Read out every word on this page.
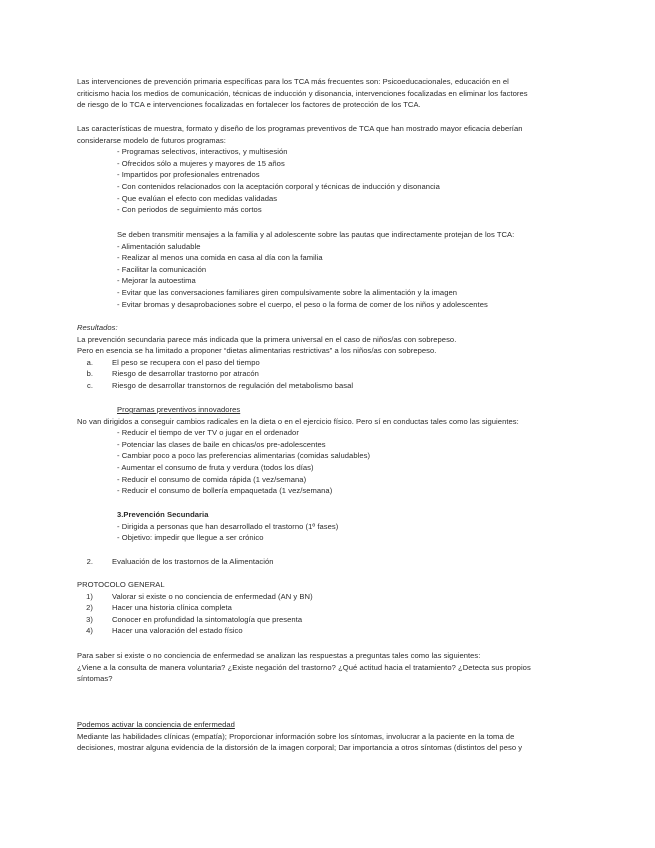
Las intervenciones de prevención primaria específicas para los TCA más frecuentes son: Psicoeducacionales, educación en el
criticismo hacia los medios de comunicación, técnicas de inducción y disonancia, intervenciones focalizadas en eliminar los factores
de riesgo de lo TCA e intervenciones focalizadas en fortalecer los factores de protección de los TCA.
Las características de muestra, formato y diseño de los programas preventivos de TCA que han mostrado mayor eficacia deberían
considerarse modelo de futuros programas:
- Programas selectivos, interactivos, y multisesión
- Ofrecidos sólo a mujeres y mayores de 15 años
- Impartidos por profesionales entrenados
- Con contenidos relacionados con la aceptación corporal y técnicas de inducción y disonancia
- Que evalúan el efecto con medidas validadas
- Con periodos de seguimiento más cortos
Se deben transmitir mensajes a la familia y al adolescente sobre las pautas que indirectamente protejan de los TCA:
- Alimentación saludable
- Realizar al menos una comida en casa al día con la familia
- Facilitar la comunicación
- Mejorar la autoestima
- Evitar que las conversaciones familiares giren compulsivamente sobre la alimentación y la imagen
- Evitar bromas y desaprobaciones sobre el cuerpo, el peso o la forma de comer de los niños y adolescentes
Resultados:
La prevención secundaria parece más indicada que la primera universal en el caso de niños/as con sobrepeso.
Pero en esencia se ha limitado a proponer “dietas alimentarias restrictivas” a los niños/as con sobrepeso.
a.	El peso se recupera con el paso del tiempo
b.	Riesgo de desarrollar trastorno por atracón
c.	Riesgo de desarrollar transtornos de regulación del metabolismo basal
Programas preventivos innovadores
No van dirigidos a conseguir cambios radicales en la dieta o en el ejercicio físico. Pero sí en conductas tales como las siguientes:
- Reducir el tiempo de ver TV o jugar en el ordenador
- Potenciar las clases de baile en chicas/os pre-adolescentes
- Cambiar poco a poco las preferencias alimentarias (comidas saludables)
- Aumentar el consumo de fruta y verdura (todos los días)
- Reducir el consumo de comida rápida (1 vez/semana)
- Reducir el consumo de bollería empaquetada (1 vez/semana)
3.Prevención Secundaria
- Dirigida a personas que han desarrollado el trastorno (1º fases)
- Objetivo: impedir que llegue a ser crónico
2.	Evaluación de los trastornos de la Alimentación
PROTOCOLO GENERAL
1)	Valorar si existe o no conciencia de enfermedad (AN y BN)
2)	Hacer una historia clínica completa
3)	Conocer en profundidad la sintomatología que presenta
4)	Hacer una valoración del estado físico
Para saber si existe o no conciencia de enfermedad se analizan las respuestas a preguntas tales como las siguientes:
¿Viene a la consulta de manera voluntaria? ¿Existe negación del trastorno? ¿Qué actitud hacia el tratamiento? ¿Detecta sus propios
síntomas?
Podemos activar la conciencia de enfermedad
Mediante las habilidades clínicas (empatía); Proporcionar información sobre los síntomas, involucrar a la paciente en la toma de
decisiones, mostrar alguna evidencia de la distorsión de la imagen corporal; Dar importancia a otros síntomas (distintos del peso y
